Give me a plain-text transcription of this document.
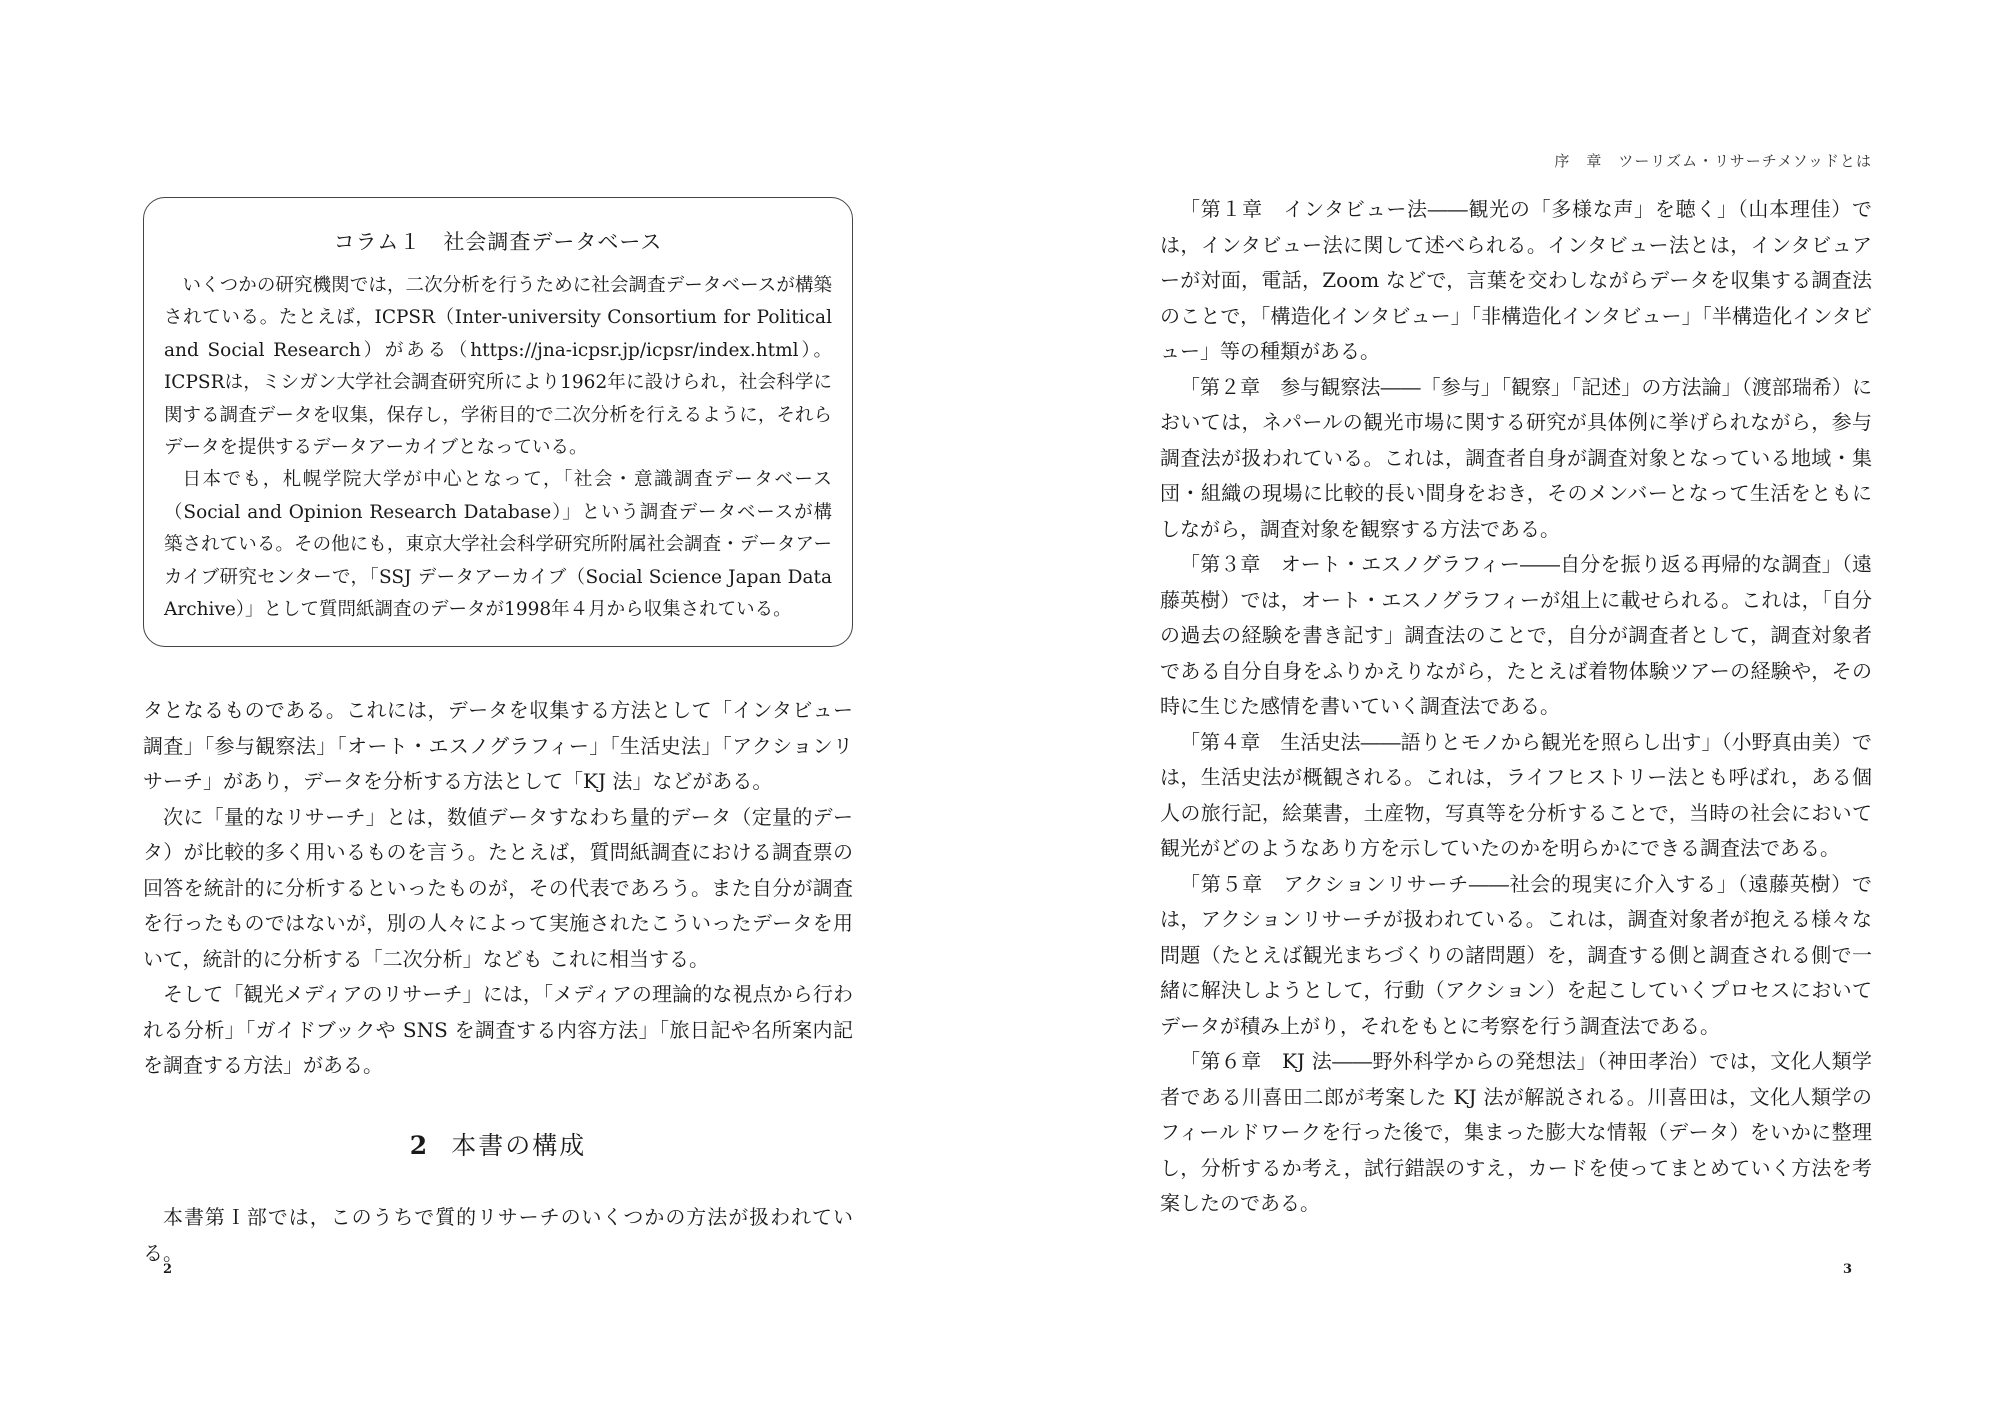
コラム１　社会調査データベース

いくつかの研究機関では，二次分析を行うために社会調査データベースが構築されている。たとえば，ICPSR（Inter-university Consortium for Political and Social Research）がある（https://jna-icpsr.jp/icpsr/index.html）。ICPSRは，ミシガン大学社会調査研究所により1962年に設けられ，社会科学に関する調査データを収集，保存し，学術目的で二次分析を行えるように，それらデータを提供するデータアーカイブとなっている。

日本でも，札幌学院大学が中心となって，「社会・意識調査データベース（Social and Opinion Research Database）」という調査データベースが構築されている。その他にも，東京大学社会科学研究所附属社会調査・データアーカイブ研究センターで，「SSJ データアーカイブ（Social Science Japan Data Archive）」として質問紙調査のデータが1998年４月から収集されている。

タとなるものである。これには，データを収集する方法として「インタビュー調査」「参与観察法」「オート・エスノグラフィー」「生活史法」「アクションリサーチ」があり，データを分析する方法として「KJ 法」などがある。

次に「量的なリサーチ」とは，数値データすなわち量的データ（定量的データ）が比較的多く用いるものを言う。たとえば，質問紙調査における調査票の回答を統計的に分析するといったものが，その代表であろう。また自分が調査を行ったものではないが，別の人々によって実施されたこういったデータを用いて，統計的に分析する「二次分析」なども これに相当する。

そして「観光メディアのリサーチ」には，「メディアの理論的な視点から行われる分析」「ガイドブックや SNS を調査する内容方法」「旅日記や名所案内記を調査する方法」がある。

2 本書の構成

本書第Ｉ部では，このうちで質的リサーチのいくつかの方法が扱われている。

2
序　章　ツーリズム・リサーチメソッドとは

「第１章　インタビュー法――観光の「多様な声」を聴く」（山本理佳）では，インタビュー法に関して述べられる。インタビュー法とは，インタビュアーが対面，電話，Zoom などで，言葉を交わしながらデータを収集する調査法のことで，「構造化インタビュー」「非構造化インタビュー」「半構造化インタビュー」等の種類がある。

「第２章　参与観察法――「参与」「観察」「記述」の方法論」（渡部瑞希）においては，ネパールの観光市場に関する研究が具体例に挙げられながら，参与調査法が扱われている。これは，調査者自身が調査対象となっている地域・集団・組織の現場に比較的長い間身をおき，そのメンバーとなって生活をともにしながら，調査対象を観察する方法である。

「第３章　オート・エスノグラフィー――自分を振り返る再帰的な調査」（遠藤英樹）では，オート・エスノグラフィーが俎上に載せられる。これは，「自分の過去の経験を書き記す」調査法のことで，自分が調査者として，調査対象者である自分自身をふりかえりながら，たとえば着物体験ツアーの経験や，その時に生じた感情を書いていく調査法である。

「第４章　生活史法――語りとモノから観光を照らし出す」（小野真由美）では，生活史法が概観される。これは，ライフヒストリー法とも呼ばれ，ある個人の旅行記，絵葉書，土産物，写真等を分析することで，当時の社会において観光がどのようなあり方を示していたのかを明らかにできる調査法である。

「第５章　アクションリサーチ――社会的現実に介入する」（遠藤英樹）では，アクションリサーチが扱われている。これは，調査対象者が抱える様々な問題（たとえば観光まちづくりの諸問題）を，調査する側と調査される側で一緒に解決しようとして，行動（アクション）を起こしていくプロセスにおいてデータが積み上がり，それをもとに考察を行う調査法である。

「第６章　KJ 法――野外科学からの発想法」（神田孝治）では，文化人類学者である川喜田二郎が考案した KJ 法が解説される。川喜田は，文化人類学のフィールドワークを行った後で，集まった膨大な情報（データ）をいかに整理し，分析するか考え，試行錯誤のすえ，カードを使ってまとめていく方法を考案したのである。

3
